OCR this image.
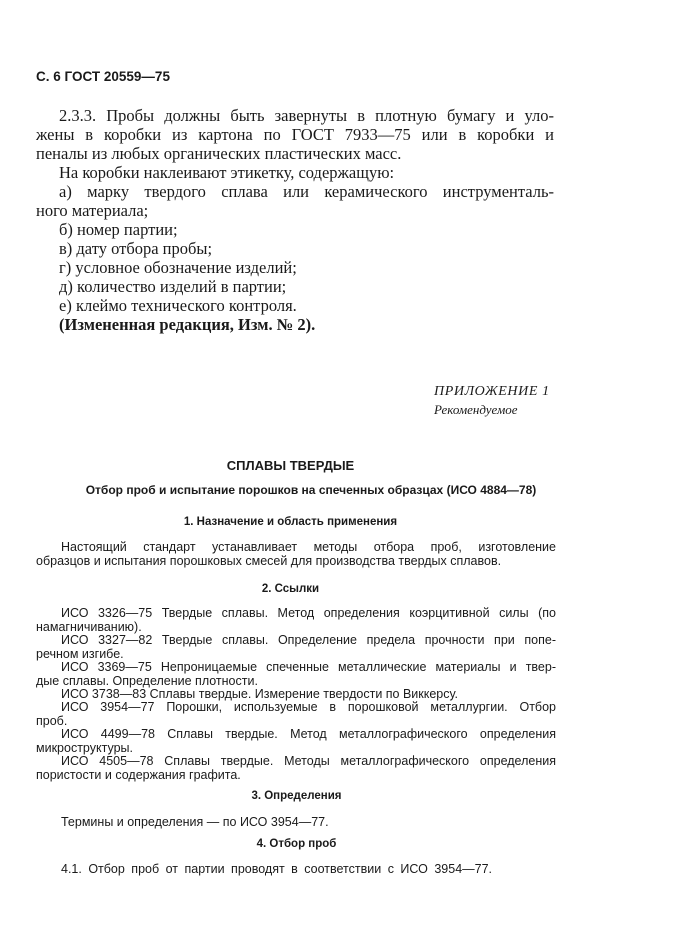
С. 6 ГОСТ 20559—75
2.3.3. Пробы должны быть завернуты в плотную бумагу и уло-
жены в коробки из картона по ГОСТ 7933—75 или в коробки и
пеналы из любых органических пластических масс.
На коробки наклеивают этикетку, содержащую:
а) марку твердого сплава или керамического инструменталь-
ного материала;
б) номер партии;
в) дату отбора пробы;
г) условное обозначение изделий;
д) количество изделий в партии;
е) клеймо технического контроля.
(Измененная редакция, Изм. № 2).
ПРИЛОЖЕНИЕ 1
Рекомендуемое
СПЛАВЫ ТВЕРДЫЕ
Отбор проб и испытание порошков на спеченных образцах (ИСО 4884—78)
1. Назначение и область применения
Настоящий стандарт устанавливает методы отбора проб, изготовление
образцов и испытания порошковых смесей для производства твердых сплавов.
2. Ссылки
ИСО 3326—75 Твердые сплавы. Метод определения коэрцитивной силы (по
намагничиванию).
ИСО 3327—82 Твердые сплавы. Определение предела прочности при попе-
речном изгибе.
ИСО 3369—75 Непроницаемые спеченные металлические материалы и твер-
дые сплавы. Определение плотности.
ИСО 3738—83 Сплавы твердые. Измерение твердости по Виккерсу.
ИСО 3954—77 Порошки, используемые в порошковой металлургии. Отбор
проб.
ИСО 4499—78 Сплавы твердые. Метод металлографического определения
микроструктуры.
ИСО 4505—78 Сплавы твердые. Методы металлографического определения
пористости и содержания графита.
3. Определения
Термины и определения — по ИСО 3954—77.
4. Отбор проб
4.1. Отбор проб от партии проводят в соответствии с ИСО 3954—77.
